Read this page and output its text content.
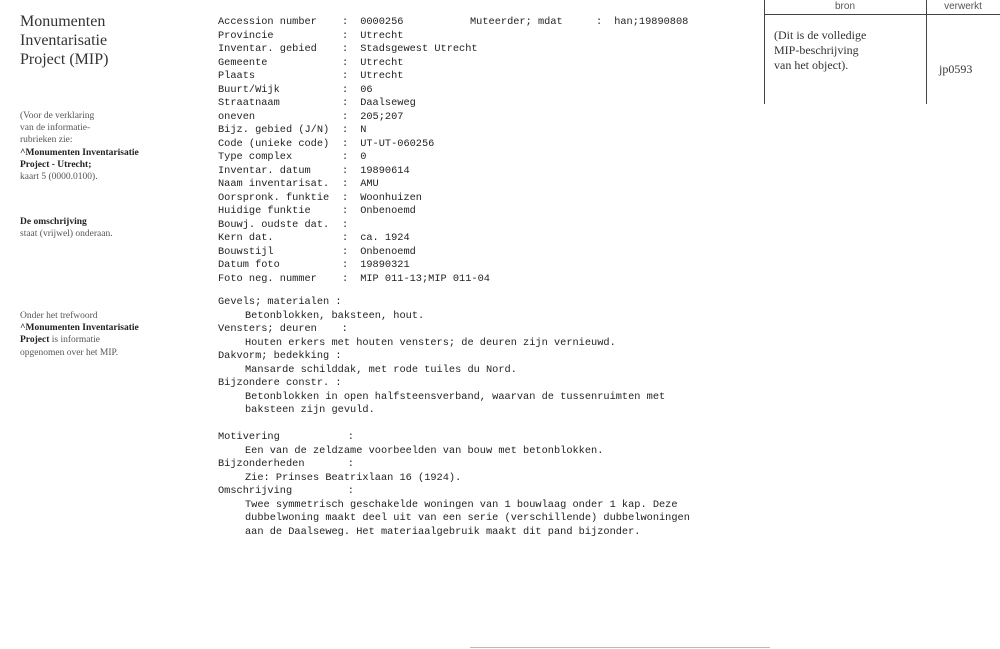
Monumenten
Inventarisatie
Project (MIP)
(Voor de verklaring
van de informatie-
rubrieken zie:
^Monumenten Inventarisatie
Project - Utrecht;
kaart 5 (0000.0100).
De omschrijving
staat (vrijwel) onderaan.
Onder het trefwoord
^Monumenten Inventarisatie
Project is informatie
opgenomen over het MIP.
Accession number : 0000256	Muteerder; mdat	: han;19890808
Provincie	: Utrecht
Inventar. gebied : Stadsgewest Utrecht
Gemeente	: Utrecht
Plaats	: Utrecht
Buurt/Wijk	: 06
Straatnaam	: Daalseweg
oneven	: 205;207
Bijz. gebied (J/N) : N
Code (unieke code) : UT-UT-060256
Type complex	: 0
Inventar. datum	: 19890614
Naam inventarisat. : AMU
Oorspronk. funktie : Woonhuizen
Huidige funktie	: Onbenoemd
Bouwj. oudste dat. :
Kern dat.	: ca. 1924
Bouwstijl	: Onbenoemd
Datum foto	: 19890321
Foto neg. nummer : MIP 011-13;MIP 011-04
Gevels; materialen :
Betonblokken, baksteen, hout.
Vensters; deuren    :
Houten erkers met houten vensters; de deuren zijn vernieuwd.
Dakvorm; bedekking :
Mansarde schilddak, met rode tuiles du Nord.
Bijzondere constr. :
Betonblokken in open halfsteensverband, waarvan de tussenruimten met
baksteen zijn gevuld.
Motivering           :
Een van de zeldzame voorbeelden van bouw met betonblokken.
Bijzonderheden       :
Zie: Prinses Beatrixlaan 16 (1924).
Omschrijving         :
Twee symmetrisch geschakelde woningen van 1 bouwlaag onder 1 kap. Deze
dubbelwoning maakt deel uit van een serie (verschillende) dubbelwoningen
aan de Daalseweg. Het materiaalgebruik maakt dit pand bijzonder.
bron	verwerkt
(Dit is de volledige
MIP-beschrijving
van het object).	jp0593
